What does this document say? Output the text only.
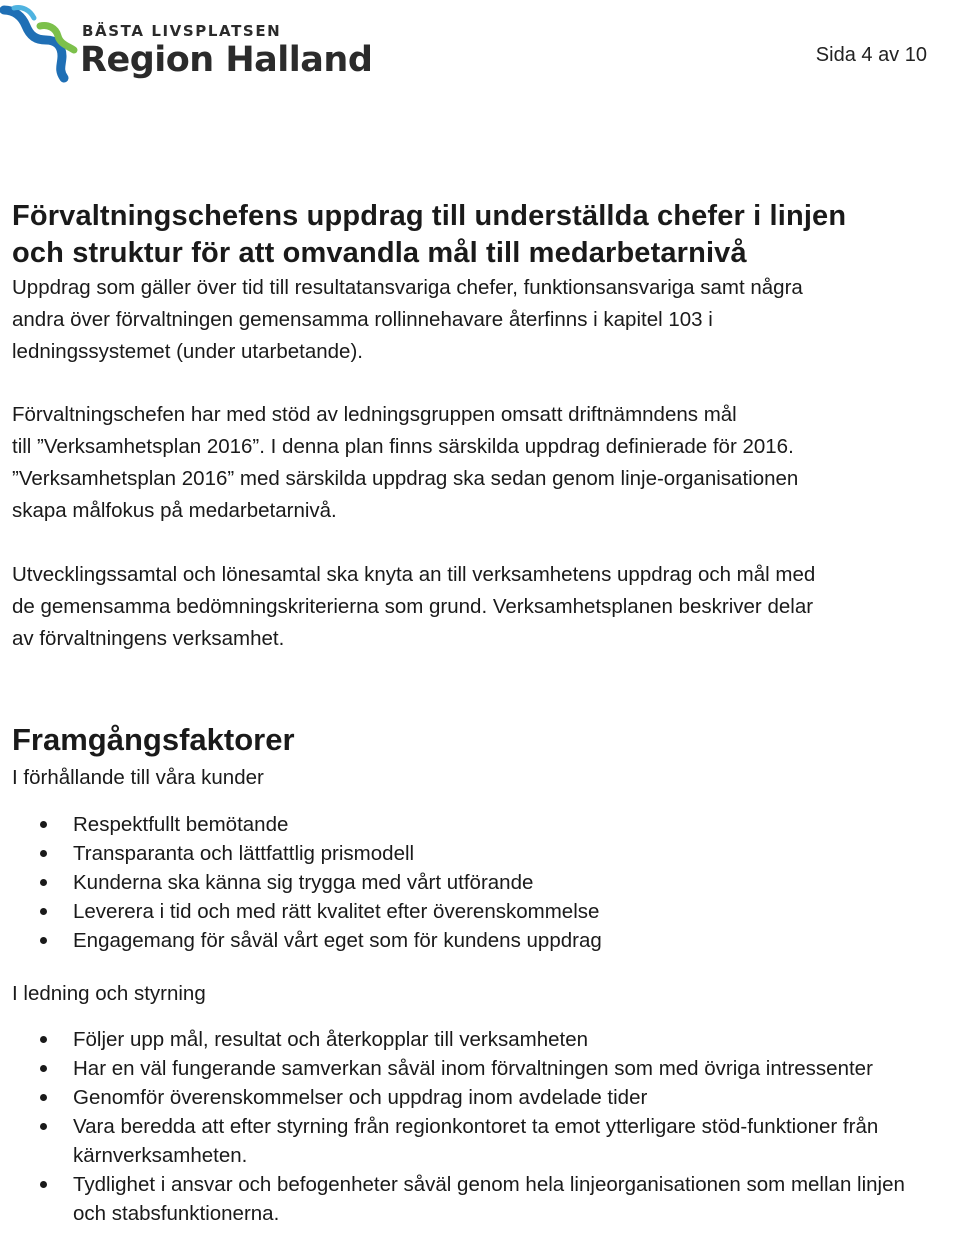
BÄSTA LIVSPLATSEN
Region Halland	Sida 4 av 10
Förvaltningschefens uppdrag till underställda chefer i linjen
och struktur för att omvandla mål till medarbetarnivå

Uppdrag som gäller över tid till resultatansvariga chefer, funktionsansvariga samt några
andra över förvaltningen gemensamma rollinnehavare återfinns i kapitel 103 i
ledningssystemet (under utarbetande).

Förvaltningschefen har med stöd av ledningsgruppen omsatt driftnämndens mål
till ”Verksamhetsplan 2016”. I denna plan finns särskilda uppdrag definierade för 2016.
”Verksamhetsplan 2016” med särskilda uppdrag ska sedan genom linje-organisationen
skapa målfokus på medarbetarnivå.

Utvecklingssamtal och lönesamtal ska knyta an till verksamhetens uppdrag och mål med
de gemensamma bedömningskriterierna som grund. Verksamhetsplanen beskriver delar
av förvaltningens verksamhet.

Framgångsfaktorer
I förhållande till våra kunder
Respektfullt bemötande
Transparanta och lättfattlig prismodell
Kunderna ska känna sig trygga med vårt utförande
Leverera i tid och med rätt kvalitet efter överenskommelse
Engagemang för såväl vårt eget som för kundens uppdrag
I ledning och styrning
Följer upp mål, resultat och återkopplar till verksamheten
Har en väl fungerande samverkan såväl inom förvaltningen som med övriga intressenter
Genomför överenskommelser och uppdrag inom avdelade tider
Vara beredda att efter styrning från regionkontoret ta emot ytterligare stöd-funktioner från kärnverksamheten.
Tydlighet i ansvar och befogenheter såväl genom hela linjeorganisationen som mellan linjen och stabsfunktionerna.
